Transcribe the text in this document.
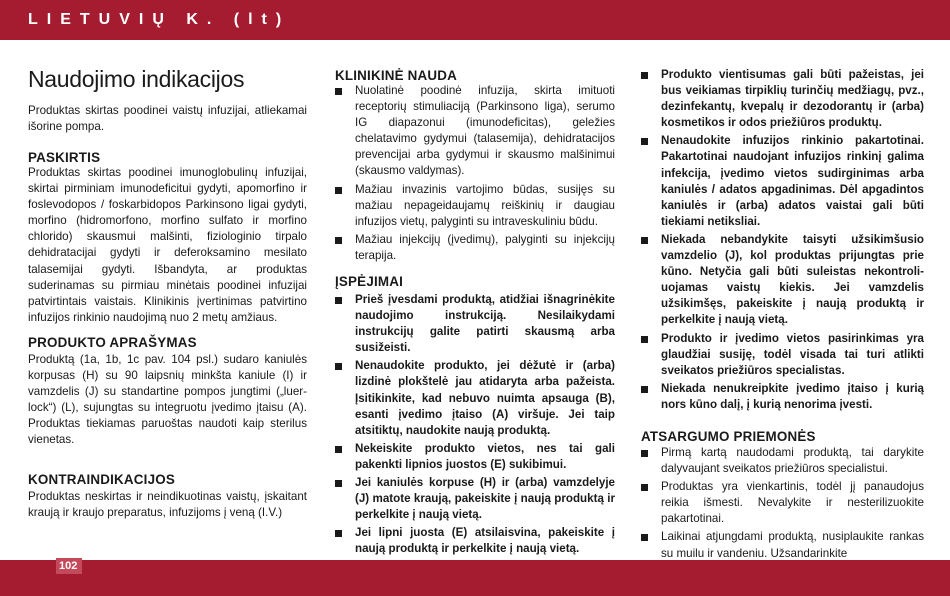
LIETUVIŲ K. (lt)
Naudojimo indikacijos

Produktas skirtas poodinei vaistų infuzijai, atliekamai išorine pompa.

PASKIRTIS

Produktas skirtas poodinei imunoglobulinų infuzijai, skirtai pirminiam imunodeficitui gydyti, apomorfino ir foslevodopos / foskarbidopos Parkinsono ligai gydyti, morfino (hidromorfono, morfino sulfato ir morfino chlorido) skausmui malšinti, fiziologinio tirpalo dehidratacijai gydyti ir deferoksamino mesilato talasemijai gydyti. Išbandyta, ar produktas suderinamas su pirmiau minėtais poodinei infuzijai patvirtintais vaistais. Klinikinis įvertinimas patvirtino infuzijos rinkinio naudojimą nuo 2 metų amžiaus.

PRODUKTO APRAŠYMAS

Produktą (1a, 1b, 1c pav. 104 psl.) sudaro kaniulės korpusas (H) su 90 laipsnių minkšta kaniule (I) ir vamzdelis (J) su standartine pompos jungtimi („luer-lock“) (L), sujungtas su integruotu įvedimo įtaisu (A). Produktas tiekiamas paruoštas naudoti kaip sterilus vienetas.

KONTRAINDIKACIJOS

Produktas neskirtas ir neindikuotinas vaistų, įskaitant kraują ir kraujo preparatus, infuzijoms į veną (I.V.)

KLINIKINĖ NAUDA
Nuolatinė poodinė infuzija, skirta imituoti receptorių stimuliaciją (Parkinsono liga), serumo IG diapazonui (imunodeficitas), geležies chelatavimo gydymui (talasemija), dehidratacijos prevencijai arba gydymui ir skausmo malšinimui (skausmo valdymas).
Mažiau invazinis vartojimo būdas, susijęs su mažiau nepageidaujamų reiškinių ir daugiau infuzijos vietų, palyginti su intraveskuliniu būdu.
Mažiau injekcijų (įvedimų), palyginti su injekcijų terapija.
ĮSPĖJIMAI
Prieš įvesdami produktą, atidžiai išnagrinėkite naudojimo instrukciją. Nesilaikydami instrukcijų galite patirti skausmą arba susižeisti.
Nenaudokite produkto, jei dėžutė ir (arba) lizdinė plokštelė jau atidaryta arba pažeista. Įsitikinkite, kad nebuvo nuimta apsauga (B), esanti įvedimo įtaiso (A) viršuje. Jei taip atsitiktų, naudokite naują produktą.
Nekeiskite produkto vietos, nes tai gali pakenkti lipnios juostos (E) sukibimui.
Jei kaniulės korpuse (H) ir (arba) vamzdelyje (J) matote kraują, pakeiskite į naują produktą ir perkelkite į naują vietą.
Jei lipni juosta (E) atsilaisvina, pakeiskite į naują produktą ir perkelkite į naują vietą.
Produkto vientisumas gali būti pažeistas, jei bus veikiamas tirpiklių turinčių medžiagų, pvz., dezinfekantų, kvepalų ir dezodorantų ir (arba) kosmetikos ir odos priežiūros produktų.
Nenaudokite infuzijos rinkinio pakartotinai. Pakartotinai naudojant infuzijos rinkinį galima infekcija, įvedimo vietos sudirginimas arba kaniulės / adatos apgadinimas. Dėl apgadintos kaniulės ir (arba) adatos vaistai gali būti tiekiami netiksliai.
Niekada nebandykite taisyti užsikimšusio vamzdelio (J), kol produktas prijungtas prie kūno. Netyčia gali būti suleistas nekontroli-uojamas vaistų kiekis. Jei vamzdelis užsikimšęs, pakeiskite į naują produktą ir perkelkite į naują vietą.
Produkto ir įvedimo vietos pasirinkimas yra glaudžiai susiję, todėl visada tai turi atlikti sveikatos priežiūros specialistas.
Niekada nenukreipkite įvedimo įtaiso į kurią nors kūno dalį, į kurią nenorima įvesti.
ATSARGUMO PRIEMONĖS
Pirmą kartą naudodami produktą, tai darykite dalyvaujant sveikatos priežiūros specialistui.
Produktas yra vienkartinis, todėl jį panaudojus reikia išmesti. Nevalykite ir nesterilizuokite pakartotinai.
Laikinai atjungdami produktą, nusiplaukite rankas su muilu ir vandeniu. Užsandarinkite
102
